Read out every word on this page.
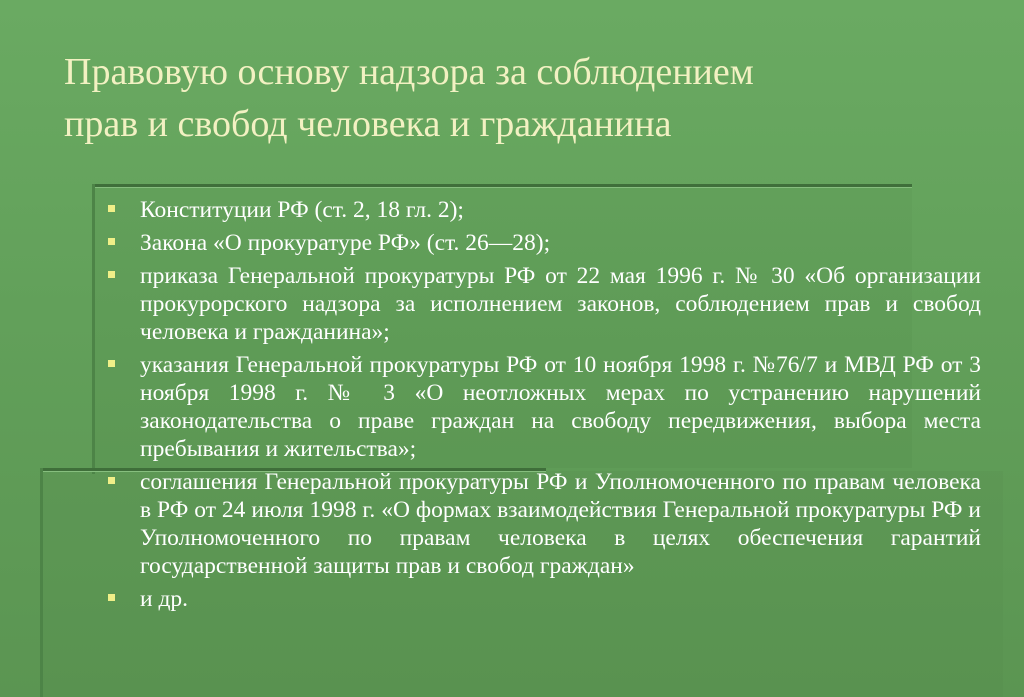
Правовую основу надзора за соблюдением
прав и свобод человека и гражданина
Конституции РФ (ст. 2, 18 гл. 2);
Закона «О прокуратуре РФ» (ст. 26—28);
приказа Генеральной прокуратуры РФ от 22 мая 1996 г. № 30 «Об организации прокурорского надзора за исполнением законов, соблюдением прав и свобод человека и гражданина»;
указания Генеральной прокуратуры РФ от 10 ноября 1998 г. №76/7 и МВД РФ от 3 ноября 1998 г. № 3 «О неотложных мерах по устранению нарушений законодательства о праве граждан на свободу передвижения, выбора места пребывания и жительства»;
соглашения Генеральной прокуратуры РФ и Уполномоченного по правам человека в РФ от 24 июля 1998 г. «О формах взаимодействия Генеральной прокуратуры РФ и Уполномоченного по правам человека в целях обеспечения гарантий государственной защиты прав и свобод граждан»
и др.
